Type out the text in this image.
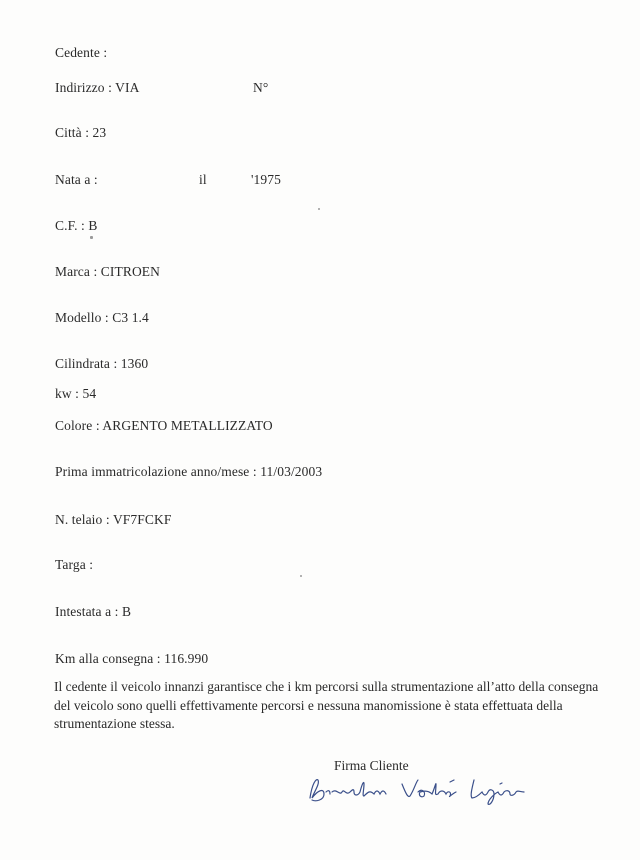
Cedente :
Indirizzo : VIA	N°
Città : 23
Nata a :	il	'1975
C.F. : B
Marca : CITROEN
Modello : C3 1.4
Cilindrata : 1360
kw : 54
Colore : ARGENTO METALLIZZATO
Prima immatricolazione anno/mese : 11/03/2003
N. telaio : VF7FCKF
Targa :
Intestata a : B
Km alla consegna : 116.990
Il cedente il veicolo innanzi garantisce che i km percorsi sulla strumentazione all’atto della consegna del veicolo sono quelli effettivamente percorsi e nessuna manomissione è stata effettuata della strumentazione stessa.
Firma Cliente
